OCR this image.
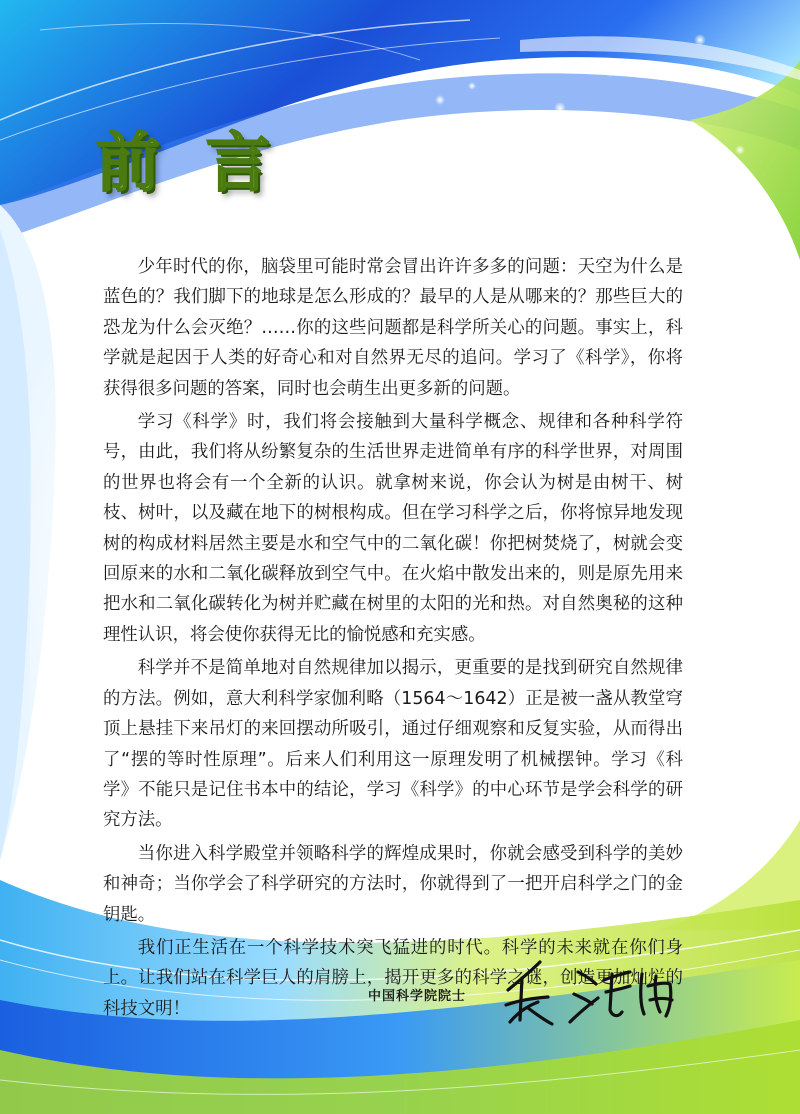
前 言

少年时代的你，脑袋里可能时常会冒出许许多多的问题：天空为什么是蓝色的？我们脚下的地球是怎么形成的？最早的人是从哪来的？那些巨大的恐龙为什么会灭绝？……你的这些问题都是科学所关心的问题。事实上，科学就是起因于人类的好奇心和对自然界无尽的追问。学习了《科学》，你将获得很多问题的答案，同时也会萌生出更多新的问题。

学习《科学》时，我们将会接触到大量科学概念、规律和各种科学符号，由此，我们将从纷繁复杂的生活世界走进简单有序的科学世界，对周围的世界也将会有一个全新的认识。就拿树来说，你会认为树是由树干、树枝、树叶，以及藏在地下的树根构成。但在学习科学之后，你将惊异地发现树的构成材料居然主要是水和空气中的二氧化碳！你把树焚烧了，树就会变回原来的水和二氧化碳释放到空气中。在火焰中散发出来的，则是原先用来把水和二氧化碳转化为树并贮藏在树里的太阳的光和热。对自然奥秘的这种理性认识，将会使你获得无比的愉悦感和充实感。

科学并不是简单地对自然规律加以揭示，更重要的是找到研究自然规律的方法。例如，意大利科学家伽利略（1564～1642）正是被一盏从教堂穹顶上悬挂下来吊灯的来回摆动所吸引，通过仔细观察和反复实验，从而得出了“摆的等时性原理”。后来人们利用这一原理发明了机械摆钟。学习《科学》不能只是记住书本中的结论，学习《科学》的中心环节是学会科学的研究方法。

当你进入科学殿堂并领略科学的辉煌成果时，你就会感受到科学的美妙和神奇；当你学会了科学研究的方法时，你就得到了一把开启科学之门的金钥匙。

我们正生活在一个科学技术突飞猛进的时代。科学的未来就在你们身上。让我们站在科学巨人的肩膀上，揭开更多的科学之谜，创造更加灿烂的科技文明！

中国科学院院士
